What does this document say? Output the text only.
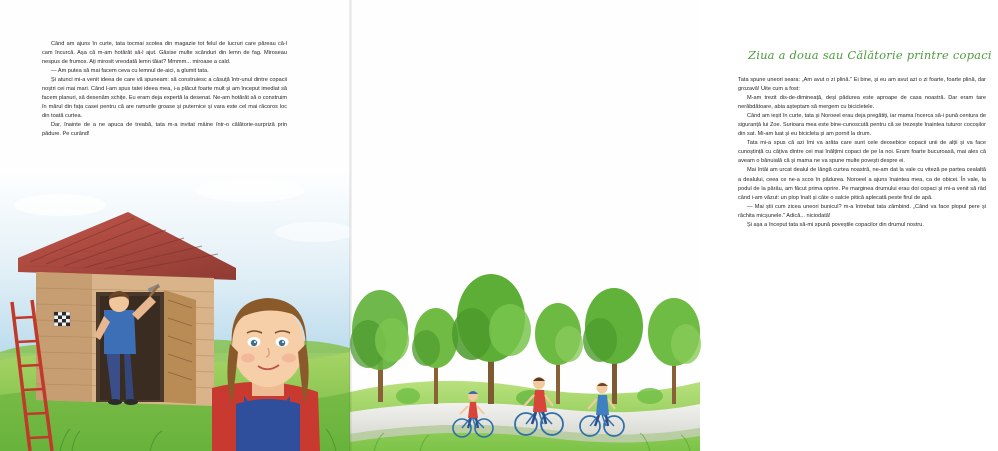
Când am ajuns în curte, tata tocmai scotea din magazie tot felul de lucruri care păreau că-l cam încurcă. Așa că m-am hotărât să-l ajut. Găsise multe scânduri din lemn de fag. Miroseau nespus de frumos. Ați mirosit vreodată lemn tăiat? Mmmm... miroase a cald.

— Am putea să mai facem ceva cu lemnul de-aici, a glumit tata.

Și atunci mi-a venit ideea de care vă spuneam: să construiesc a căsuță într-unul dintre copacii noștri cei mai mari. Când l-am spus tatei ideea mea, i-a plăcut foarte mult și am început imediat să facem planuri, să desenăm schițe. Eu eram deja expertă la desenat. Ne-am hotărât să o construim în mărul din fața casei pentru că are ramurile groase și puternice și vara este cel mai răcoros loc din toată curtea.

Dar, înainte de a ne apuca de treabă, tata m-a invitat mâine într-o călătorie-surpriză prin pădure. Pe curând!

Ziua a doua sau Călătorie printre copaci

Tata spune uneori seara: „Am avut o zi plină." Ei bine, și eu am avut azi o zi foarte, foarte plină, dar grozavă! Uite cum a fost:

M-am trezit dis-de-dimineață, deși pădurea este aproape de casa noastră. Dar eram tare nerăbdătoare, abia așteptam să mergem cu bicicletele.

Când am ieșit în curte, tata și Noroeel erau deja pregătiți, iar mama încerca să-i pună centura de siguranță lui Zoe. Surioara mea este bine-cunoscută pentru că se trezește înaintea tuturor cocoșilor din sat. Mi-am luat și eu bicicleta și am pornit la drum.

Tata mi-a spus că azi îmi va arăta care sunt cele deosebice copacii unii de alții și va face cunoștință cu câțiva dintre cei mai înălțimi copaci de pe la noi. Eram foarte bucuroasă, mai ales că aveam o bănuială că și mama ne va spune multe povești despre ei.

Mai întâi am urcat dealul de lângă curtea noastră, ne-am dat la vale cu viteză pe partea cealaltă a dealului, ceea ce ne-a scos în pădurea. Noroeel a ajuns înaintea mea, ca de obicei. În vale, la podul de la pârâu, am făcut prima oprire. Pe marginea drumului erau doi copaci și mi-a venit să râd când i-am văzut: un plop înalt și câte o salcie pitică aplecată peste firul de apă.

— Mai știi cum zicea uneori bunicul? m-a întrebat tata zâmbind. „Când va face plopul pere și răchita micșunele." Adică... niciodată!

Și așa a început tata să-mi spună poveștile copacilor din drumul nostru.
